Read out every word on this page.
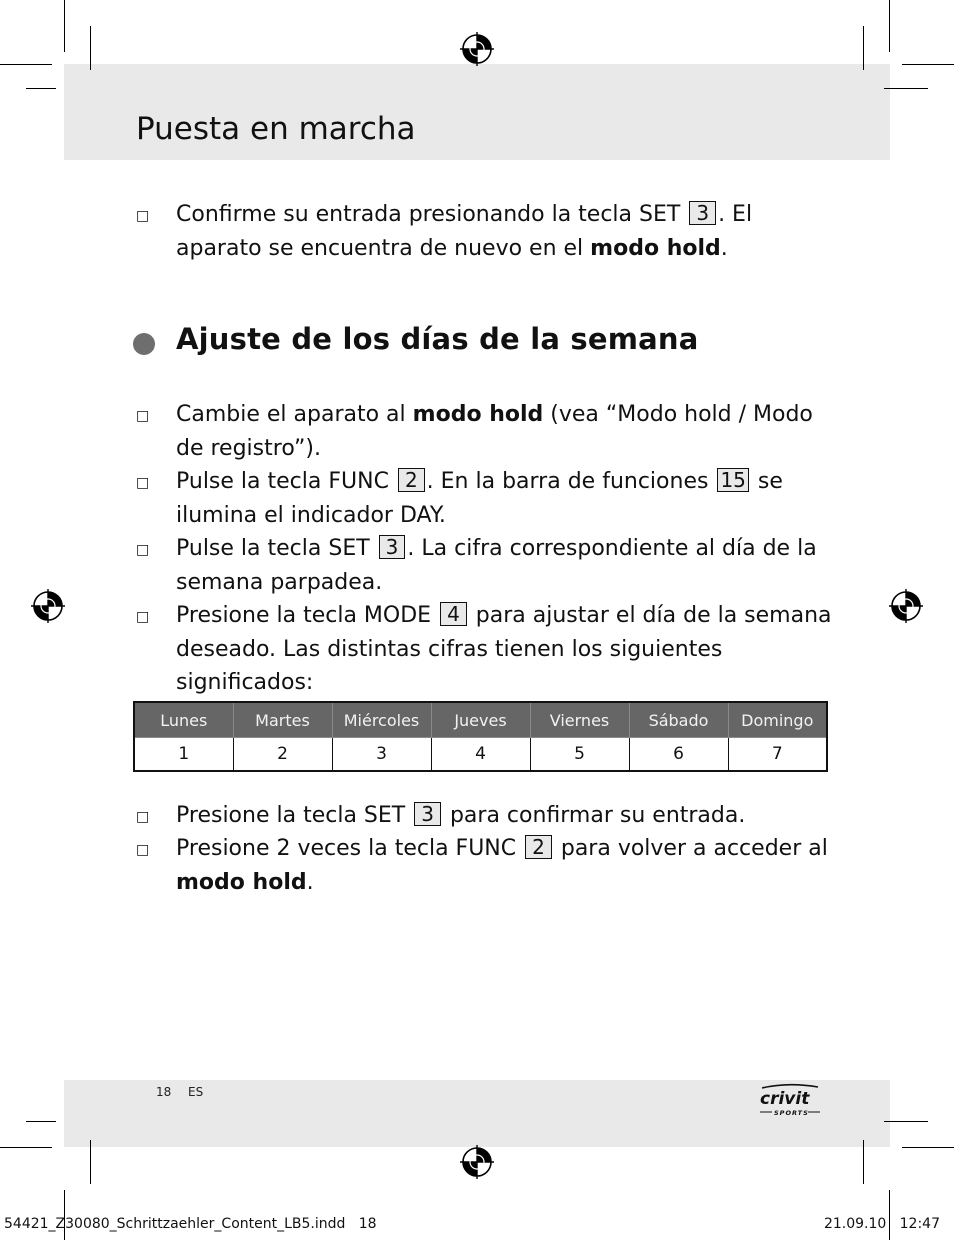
Puesta en marcha
□ Confirme su entrada presionando la tecla SET 3 . El aparato se encuentra de nuevo en el modo hold.

Ajuste de los días de la semana
□ Cambie el aparato al modo hold (vea “Modo hold / Modo de registro”).

□ Pulse la tecla FUNC 2 . En la barra de funciones 15 se ilumina el indicador DAY.

□ Pulse la tecla SET 3 . La cifra correspondiente al día de la semana parpadea.

□ Presione la tecla MODE 4 para ajustar el día de la semana deseado. Las distintas cifras tienen los siguientes significados:

Lunes	Martes	Miércoles	Jueves	Viernes	Sábado	Domingo
1	2	3	4	5	6	7
□ Presione la tecla SET 3 para confirmar su entrada.

□ Presione 2 veces la tecla FUNC 2 para volver a acceder al modo hold.

18 ES	crivit
SPORTS
54421_Z30080_Schrittzaehler_Content_LB5.indd   18	21.09.10   12:47
